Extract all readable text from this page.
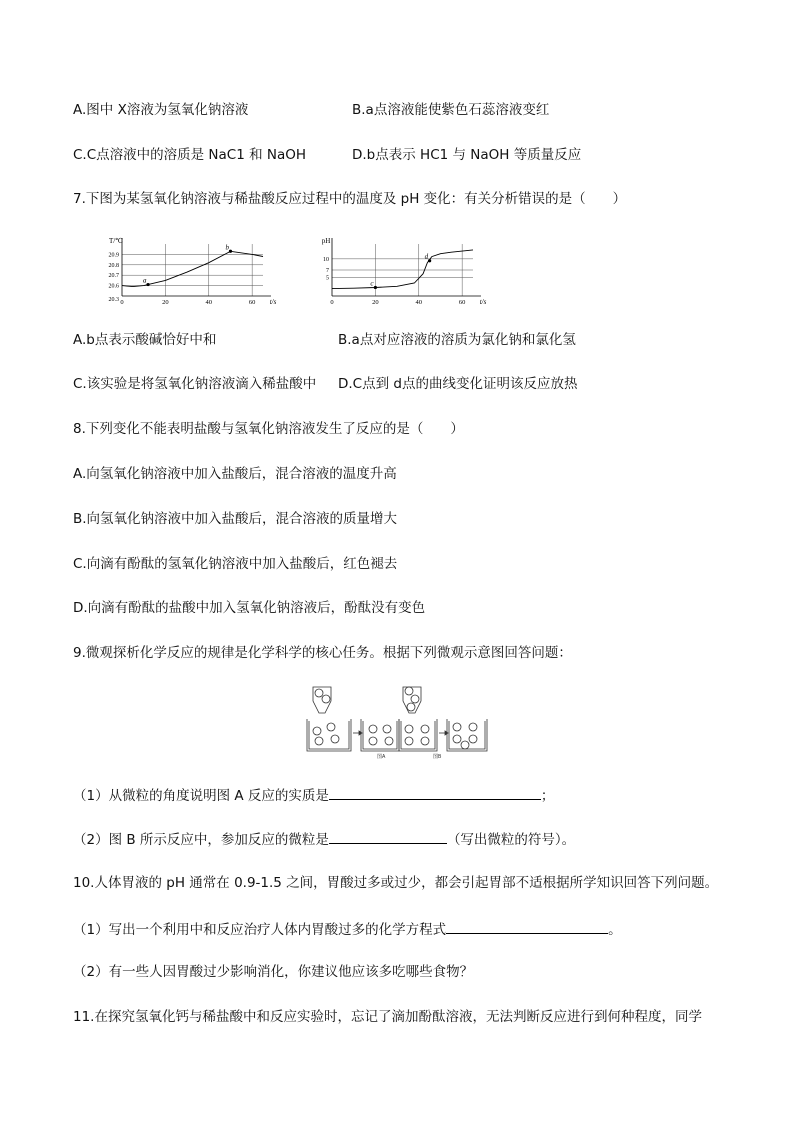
A.图中 X溶液为氢氧化钠溶液	B.a点溶液能使紫色石蕊溶液变红
C.C点溶液中的溶质是 NaC1 和 NaOH	D.b点表示 HC1 与 NaOH 等质量反应
7.下图为某氢氧化钠溶液与稀盐酸反应过程中的温度及 pH 变化：有关分析错误的是（　　）
T/℃
t/s
0	20	40	60
20.3
20.6
20.7
20.8
20.9
a
b
pH
t/s
0	20	40	60
5
7
10
c
d
A.b点表示酸碱恰好中和	B.a点对应溶液的溶质为氯化钠和氯化氢
C.该实验是将氢氧化钠溶液滴入稀盐酸中 D.C点到 d点的曲线变化证明该反应放热
8.下列变化不能表明盐酸与氢氧化钠溶液发生了反应的是（　　）
A.向氢氧化钠溶液中加入盐酸后，混合溶液的温度升高
B.向氢氧化钠溶液中加入盐酸后，混合溶液的质量增大
C.向滴有酚酞的氢氧化钠溶液中加入盐酸后，红色褪去
D.向滴有酚酞的盐酸中加入氢氧化钠溶液后，酚酞没有变色
9.微观探析化学反应的规律是化学科学的核心任务。根据下列微观示意图回答问题：
图A	图B
（1）从微粒的角度说明图 A 反应的实质是	；
（2）图 B 所示反应中，参加反应的微粒是	（写出微粒的符号）。
10.人体胃液的 pH 通常在 0.9-1.5 之间，胃酸过多或过少，都会引起胃部不适根据所学知识回答下列问题。
（1）写出一个利用中和反应治疗人体内胃酸过多的化学方程式	。
（2）有一些人因胃酸过少影响消化，你建议他应该多吃哪些食物？
11.在探究氢氧化钙与稀盐酸中和反应实验时，忘记了滴加酚酞溶液，无法判断反应进行到何种程度，同学
